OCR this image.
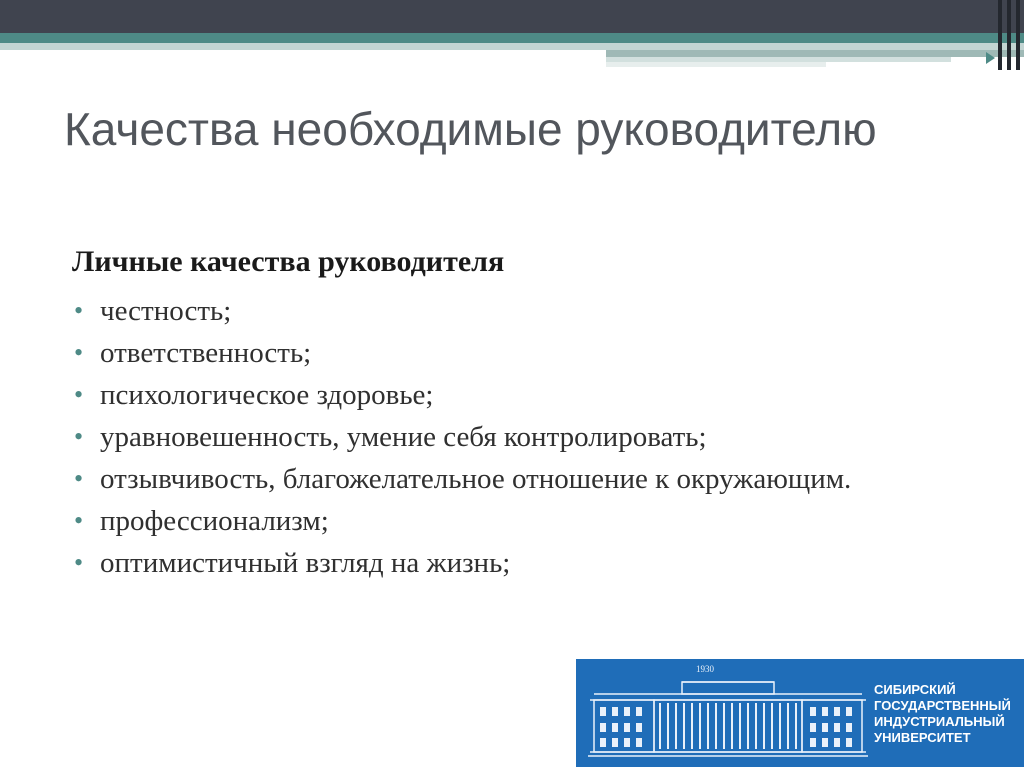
Качества необходимые руководителю
Личные качества руководителя
• честность;
• ответственность;
• психологическое здоровье;
• уравновешенность, умение себя контролировать;
• отзывчивость, благожелательное отношение к окружающим.
• профессионализм;
• оптимистичный взгляд на жизнь;
1930
СИБИРСКИЙ
ГОСУДАРСТВЕННЫЙ
ИНДУСТРИАЛЬНЫЙ
УНИВЕРСИТЕТ
